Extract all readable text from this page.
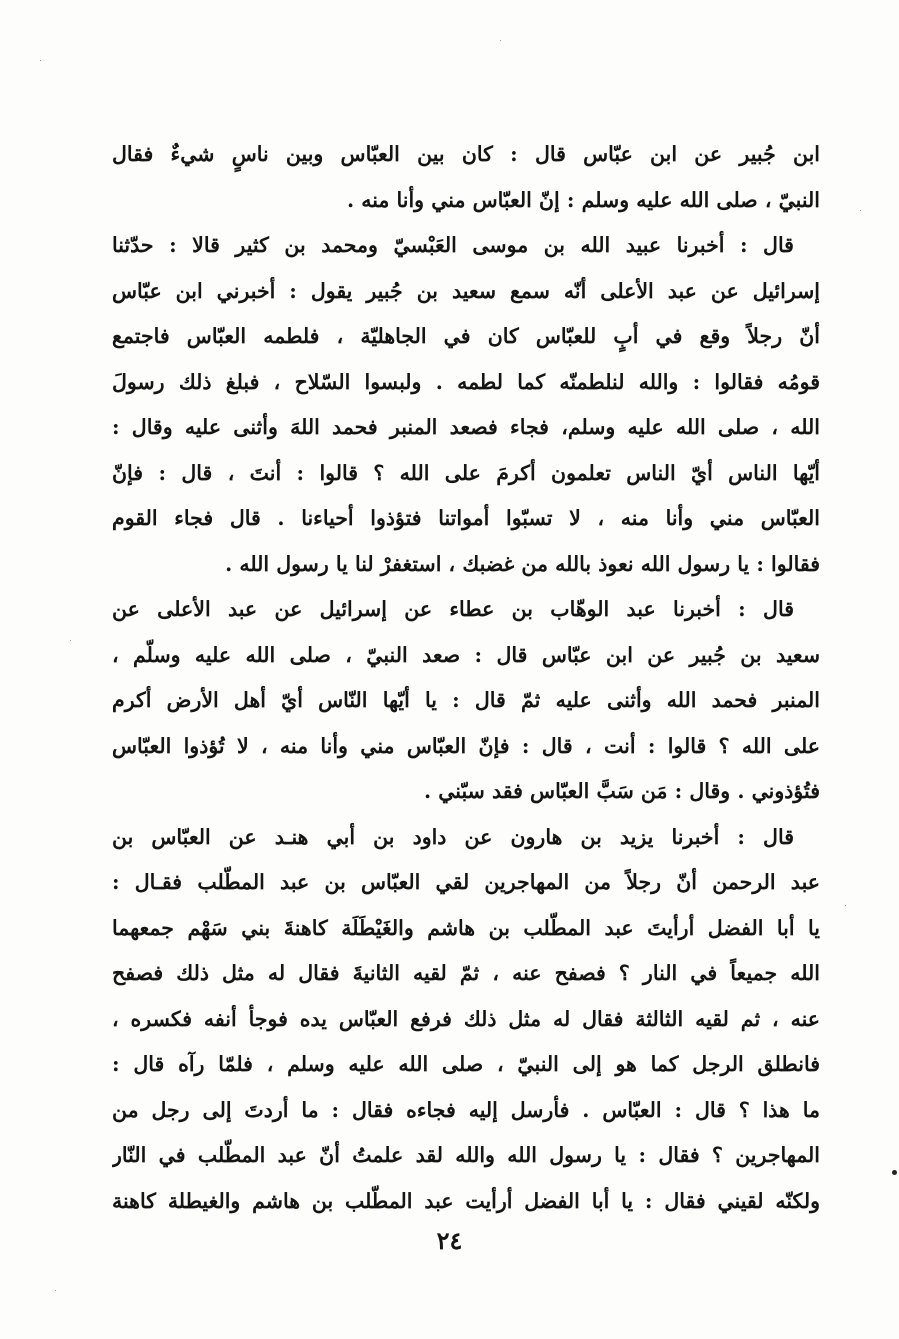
ابن جُبير عن ابن عبّاس قال : كان بين العبّاس وبين ناسٍ شيءٌ فقال
النبيّ ، صلى الله عليه وسلم : إنّ العبّاس مني وأنا منه .
قال : أخبرنا عبيد الله بن موسى العَبْسيّ ومحمد بن كثير قالا : حدّثنا
إسرائيل عن عبد الأعلى أنّه سمع سعيد بن جُبير يقول : أخبرني ابن عبّاس
أنّ رجلاً وقع في أبٍ للعبّاس كان في الجاهليّة ، فلطمه العبّاس فاجتمع
قومُه فقالوا : والله لنلطمنّه كما لطمه . ولبسوا السّلاح ، فبلغ ذلك رسولَ
الله ، صلى الله عليه وسلم، فجاء فصعد المنبر فحمد اللهَ وأثنى عليه وقال :
أيّها الناس أيّ الناس تعلمون أكرمَ على الله ؟ قالوا : أنتَ ، قال : فإنّ
العبّاس مني وأنا منه ، لا تسبّوا أمواتنا فتؤذوا أحياءنا . قال فجاء القوم
فقالوا : يا رسول الله نعوذ بالله من غضبك ، استغفرْ لنا يا رسول الله .
قال : أخبرنا عبد الوهّاب بن عطاء عن إسرائيل عن عبد الأعلى عن
سعيد بن جُبير عن ابن عبّاس قال : صعد النبيّ ، صلى الله عليه وسلّم ،
المنبر فحمد الله وأثنى عليه ثمّ قال : يا أيّها النّاس أيّ أهل الأرض أكرم
على الله ؟ قالوا : أنت ، قال : فإنّ العبّاس مني وأنا منه ، لا تُؤذوا العبّاس
فتُؤذوني . وقال : مَن سَبَّ العبّاس فقد سبّني .
قال : أخبرنا يزيد بن هارون عن داود بن أبي هنـد عن العبّاس بن
عبد الرحمن أنّ رجلاً من المهاجرين لقي العبّاس بن عبد المطّلب فقـال :
يا أبا الفضل أرأيتَ عبد المطّلب بن هاشم والغَيْطَلَة كاهنةَ بني سَهْم جمعهما
الله جميعاً في النار ؟ فصفح عنه ، ثمّ لقيه الثانيةَ فقال له مثل ذلك فصفح
عنه ، ثم لقيه الثالثة فقال له مثل ذلك فرفع العبّاس يده فوجأ أنفه فكسره ،
فانطلق الرجل كما هو إلى النبيّ ، صلى الله عليه وسلم ، فلمّا رآه قال :
ما هذا ؟ قال : العبّاس . فأرسل إليه فجاءه فقال : ما أردتَ إلى رجل من
المهاجرين ؟ فقال : يا رسول الله والله لقد علمتُ أنّ عبد المطّلب في النّار
ولكنّه لقيني فقال : يا أبا الفضل أرأيت عبد المطّلب بن هاشم والغيطلة كاهنة
٢٤
